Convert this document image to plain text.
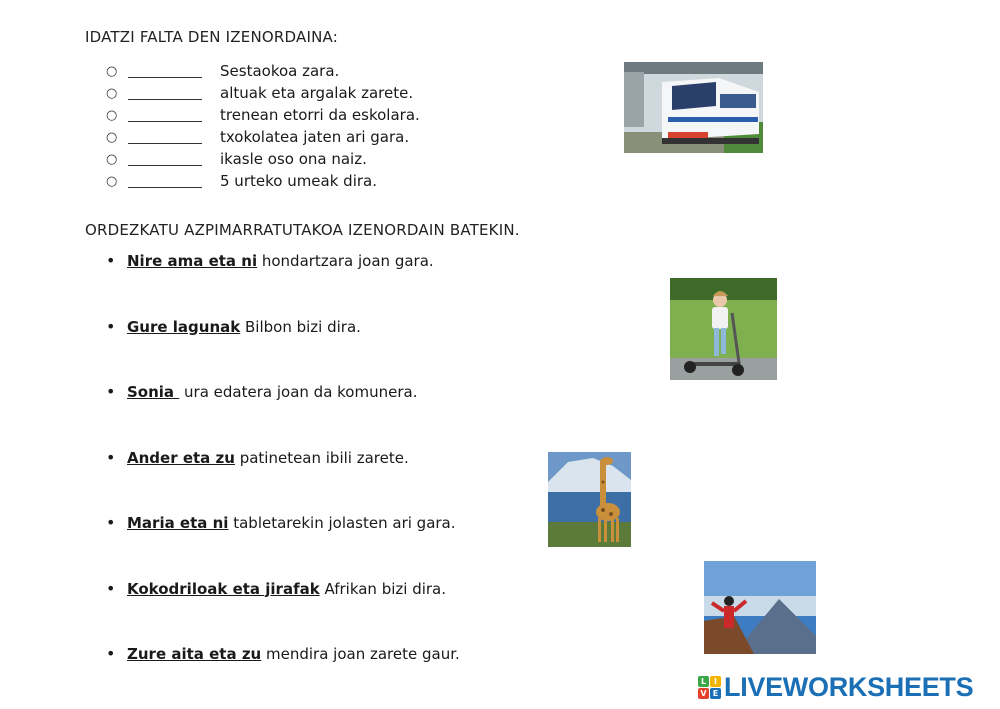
IDATZI FALTA DEN IZENORDAINA:
○	Sestaokoa zara.
○	altuak eta argalak zarete.
○	trenean etorri da eskolara.
○	txokolatea jaten ari gara.
○	ikasle oso ona naiz.
○	5 urteko umeak dira.
ORDEZKATU AZPIMARRATUTAKOA IZENORDAIN BATEKIN.
• Nire ama eta ni hondartzara joan gara.
• Gure lagunak Bilbon bizi dira.
• Sonia  ura edatera joan da komunera.
• Ander eta zu patinetean ibili zarete.
• Maria eta ni tabletarekin jolasten ari gara.
• Kokodriloak eta jirafak Afrikan bizi dira.
• Zure aita eta zu mendira joan zarete gaur.
L I
V E LIVEWORKSHEETS
